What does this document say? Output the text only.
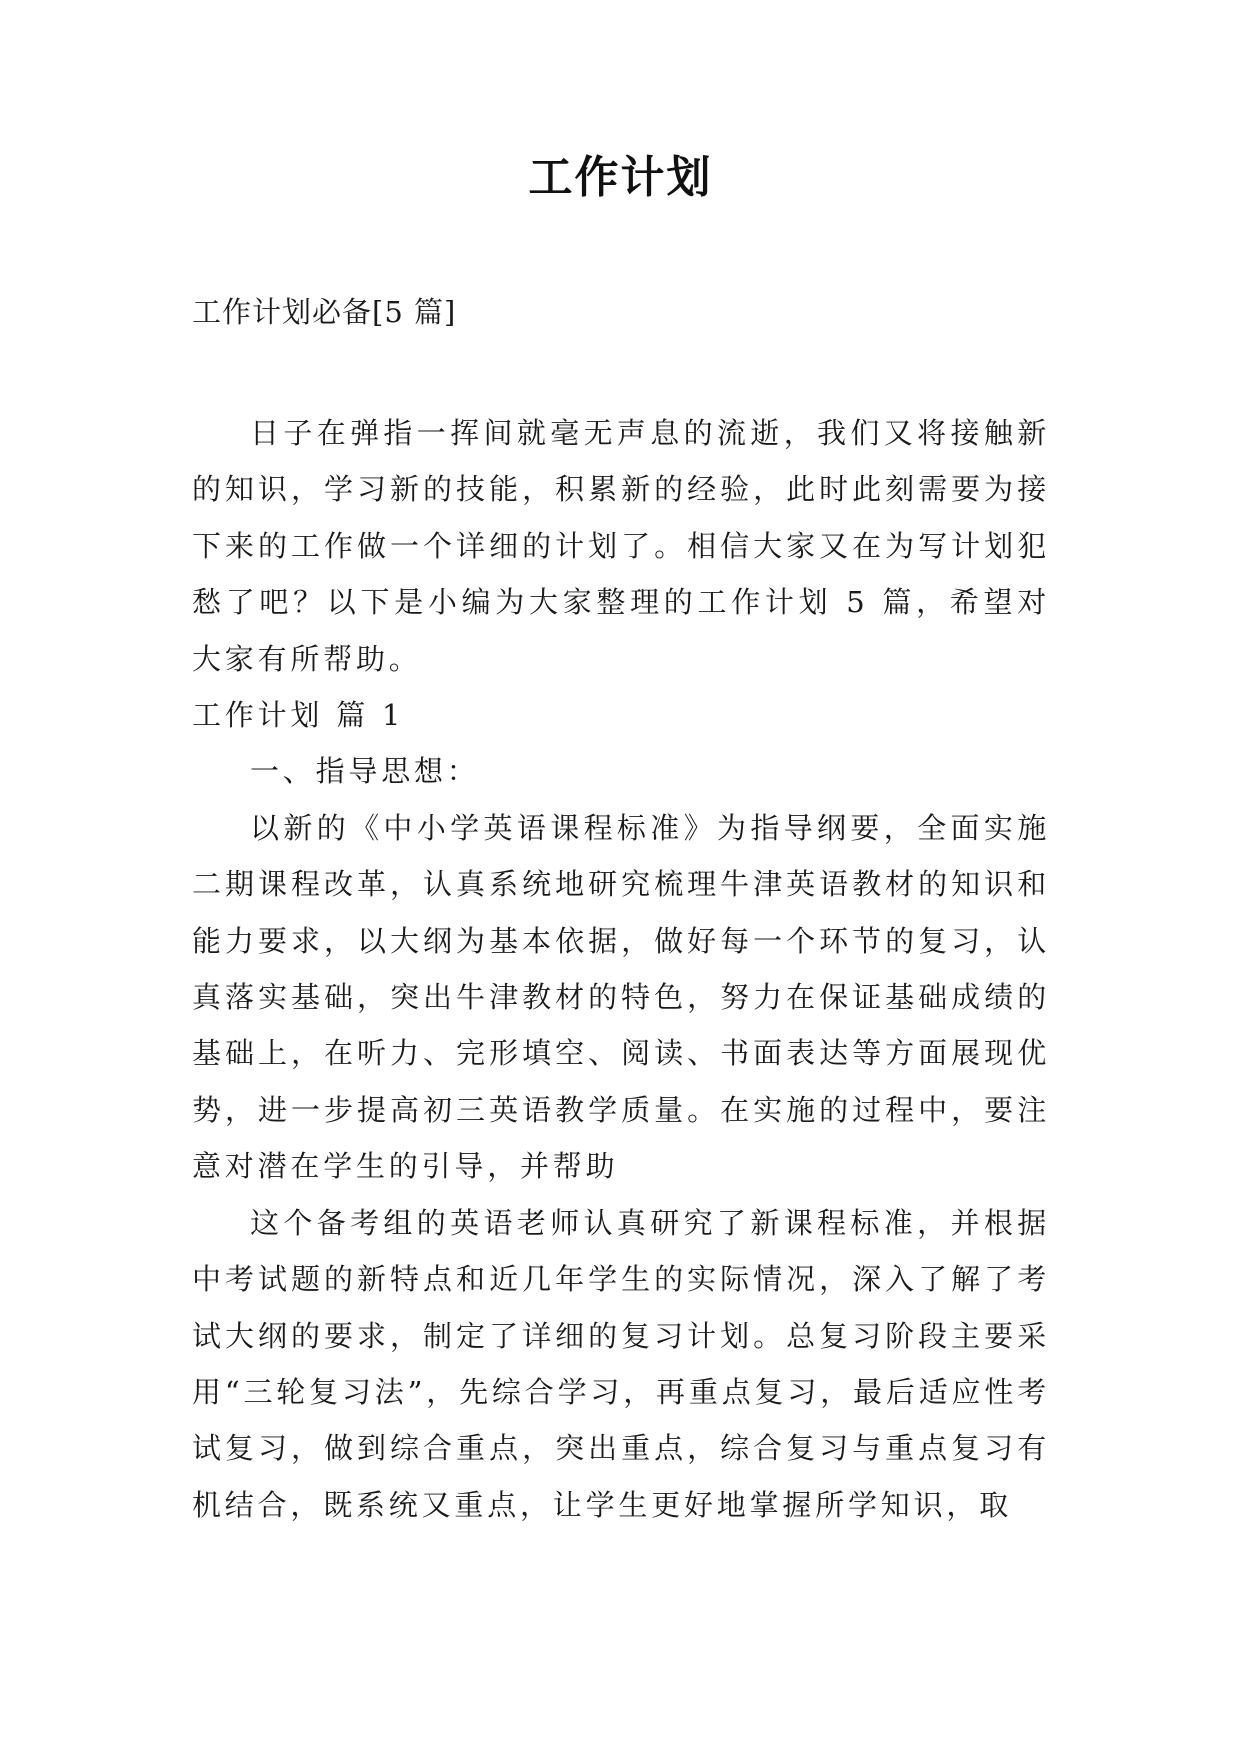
工作计划
工作计划必备[5 篇]

日子在弹指一挥间就毫无声息的流逝，我们又将接触新的知识，学习新的技能，积累新的经验，此时此刻需要为接下来的工作做一个详细的计划了。相信大家又在为写计划犯愁了吧？以下是小编为大家整理的工作计划 5 篇，希望对大家有所帮助。

工作计划 篇 1

一、指导思想：

以新的《中小学英语课程标准》为指导纲要，全面实施二期课程改革，认真系统地研究梳理牛津英语教材的知识和能力要求，以大纲为基本依据，做好每一个环节的复习，认真落实基础，突出牛津教材的特色，努力在保证基础成绩的基础上，在听力、完形填空、阅读、书面表达等方面展现优势，进一步提高初三英语教学质量。在实施的过程中，要注意对潜在学生的引导，并帮助

这个备考组的英语老师认真研究了新课程标准，并根据中考试题的新特点和近几年学生的实际情况，深入了解了考试大纲的要求，制定了详细的复习计划。总复习阶段主要采用“三轮复习法”，先综合学习，再重点复习，最后适应性考试复习，做到综合重点，突出重点，综合复习与重点复习有机结合，既系统又重点，让学生更好地掌握所学知识，取
